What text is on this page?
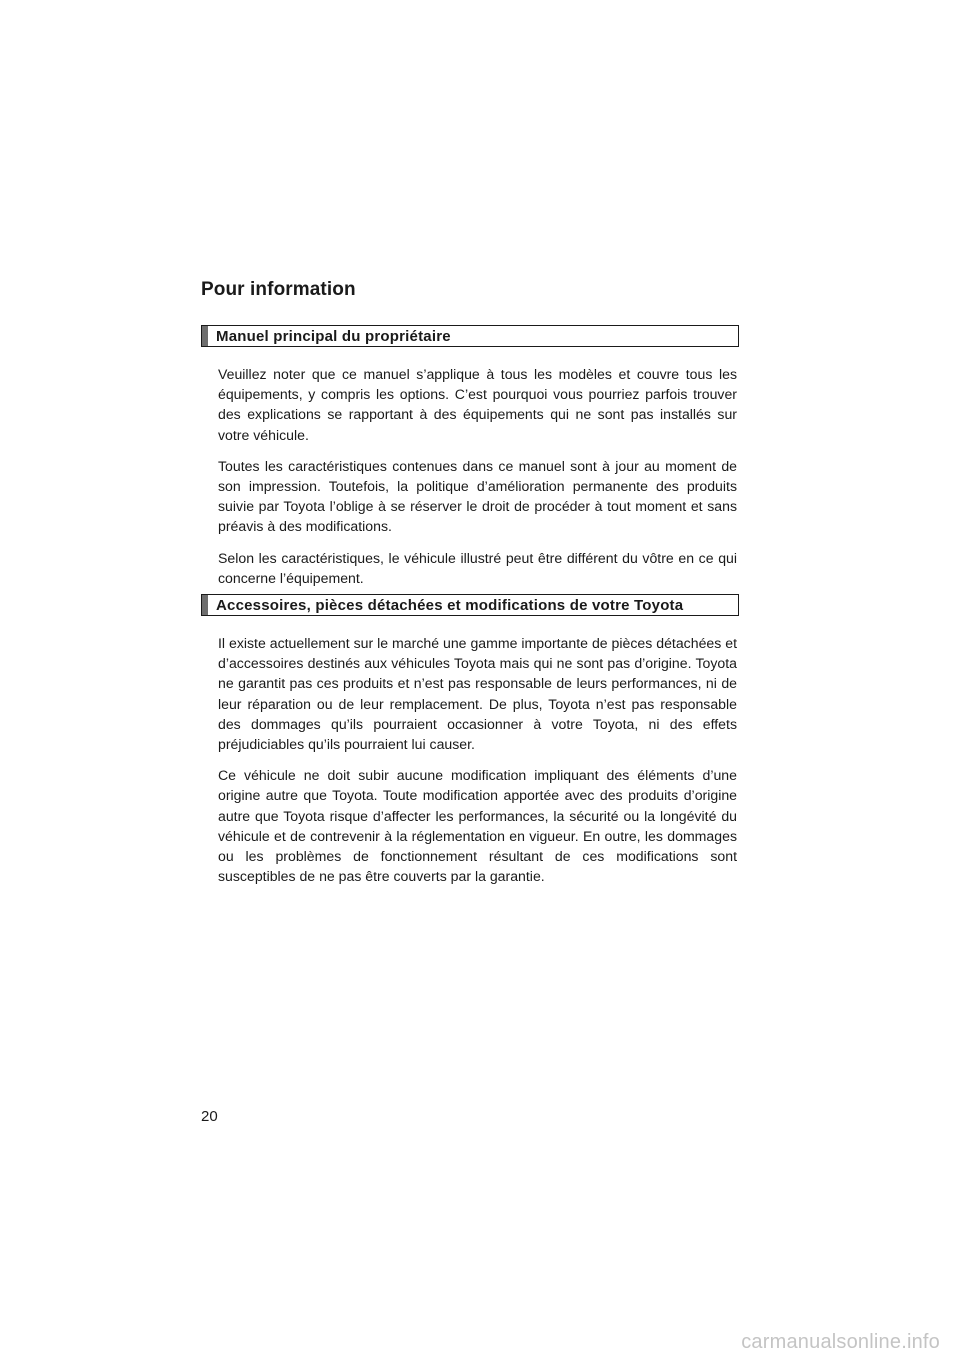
Pour information
Manuel principal du propriétaire

Veuillez noter que ce manuel s’applique à tous les modèles et couvre tous les équipements, y compris les options. C’est pourquoi vous pourriez parfois trouver des explications se rapportant à des équipements qui ne sont pas installés sur votre véhicule.

Toutes les caractéristiques contenues dans ce manuel sont à jour au moment de son impression. Toutefois, la politique d’amélioration permanente des produits suivie par Toyota l’oblige à se réserver le droit de procéder à tout moment et sans préavis à des modifications.

Selon les caractéristiques, le véhicule illustré peut être différent du vôtre en ce qui concerne l’équipement.

Accessoires, pièces détachées et modifications de votre Toyota

Il existe actuellement sur le marché une gamme importante de pièces détachées et d’accessoires destinés aux véhicules Toyota mais qui ne sont pas d’origine. Toyota ne garantit pas ces produits et n’est pas responsable de leurs performances, ni de leur réparation ou de leur remplacement. De plus, Toyota n’est pas responsable des dommages qu’ils pourraient occasionner à votre Toyota, ni des effets préjudiciables qu’ils pourraient lui causer.

Ce véhicule ne doit subir aucune modification impliquant des éléments d’une origine autre que Toyota. Toute modification apportée avec des produits d’origine autre que Toyota risque d’affecter les performances, la sécurité ou la longévité du véhicule et de contrevenir à la réglementation en vigueur. En outre, les dommages ou les problèmes de fonctionnement résultant de ces modifications sont susceptibles de ne pas être couverts par la garantie.

20
carmanualsonline.info
